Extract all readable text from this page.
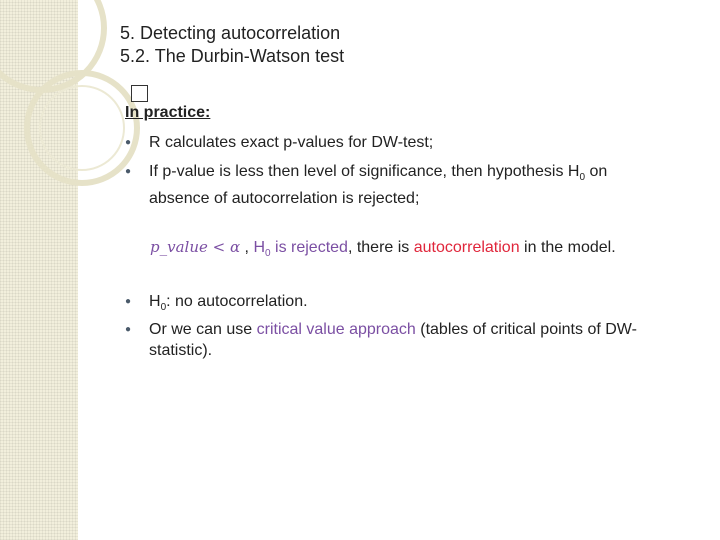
5. Detecting autocorrelation
5.2. The Durbin-Watson test
In practice:
● R calculates exact p-values for DW-test;
● If p-value is less then level of significance, then hypothesis $H_0$ on absence of autocorrelation is rejected;
p_value < α , $H_0$ is rejected, there is autocorrelation in the model.
● $H_0$: no autocorrelation.
● Or we can use critical value approach (tables of critical points of DW-statistic).
